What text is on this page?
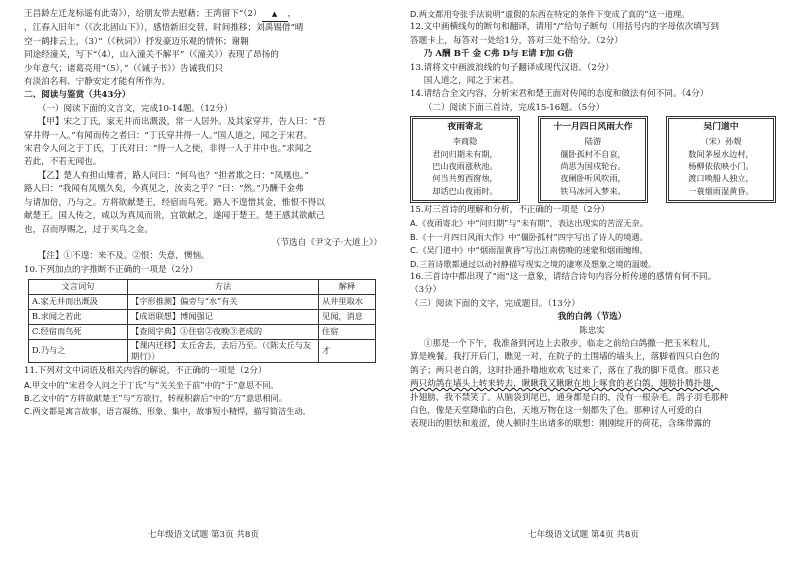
王昌龄左迁龙标遥有此寄》），给朋友带去慰藉；王湾留下“（2） ▲ ，

，江春入旧年”（《次北固山下》），感悟新旧交替、时间推移；刘禹锡借“晴

空一鹤排云上，（3）”（《秋词》）抒发豪迈乐观的情怀；谢翱

同途经潼关，写下“（4），山入潼关不解平”（《潼关》）表现了昂扬的

少年意气；诸葛亮用“（5），”（《诫子书》）告诫我们只

有淡泊名利、宁静安定才能有所作为。

二、阅读与鉴赏（共43分）

（一）阅读下面的文言文，完成10-14题。（12分）

【甲】宋之丁氏，家无井而出溉汲，常一人居外。及其家穿井，告人曰：“吾

穿井得一人。”有闻而传之者曰：“丁氏穿井得一人。”国人道之，闻之于宋君。

宋君令人问之于丁氏，丁氏对曰：“得一人之使，非得一人于井中也。”求闻之

若此，不若无闻也。

【乙】楚人有担山雉者，路人问曰：“何鸟也？”担者欺之曰：“凤凰也。”

路人曰：“我闻有凤凰久矣，今真见之，汝卖之乎？”曰：“然。”乃酬千金弗

与请加倍，乃与之。方将欲献楚王，经宿而鸟死。路人不遑惜其金，惟恨不得以

献楚王。国人传之，咸以为真凤而贵，宜欲献之，遂闻于楚王。楚王感其欲献己

也，召而厚赐之，过于买鸟之金。

（节选自《尹文子·大道上》）

【注】①不遑：来不及。②恨：失意，懊恼。

10.下列加点的字推断不正确的一项是（2分）

文言词句	方法	解释
A.家无井而出溉汲	【字形推测】偏旁与“水”有关	从井里取水
B.求闻之若此	【成语联想】博闻强记	见闻，消息
C.经宿而鸟死	【查阅字典】①住宿②夜晚③老成的	住宿
D.乃与之	【课内迁移】太丘舍去，去后乃至。（《陈太丘与友期行》）	才

11.下列对文中词语及相关内容的解说，不正确的一项是（2分）

A.甲文中的“宋君令人问之于丁氏”与“关关坐于前”中的“于”意思不同。

B.乙文中的“方将欲献楚王”与“方欲行，转视积薪后”中的“方”意思相同。

C.两文都是寓言故事，语言凝练、形象、集中，故事短小精悍，描写简洁生动。

D.两文都用夸张手法说明“虚假的东西在特定的条件下变成了真的”这一道理。

12.文中画横线句的断句和翻译，请用“/”给句子断句（用括号内的字母依次填写到

答题卡上，每答对一处给1分，答对三处不给分。（2分）

乃 A酬 B千 金 C弗 D与 E请 F加 G倍

13.请将文中画波浪线的句子翻译成现代汉语。（2分）

国人道之，闻之于宋君。

14.请结合全文内容，分析宋君和楚王面对传闻的态度和做法有何不同。（4分）

（二）阅读下面三首诗，完成15-16题。（5分）

夜雨寄北
李商隐
君问归期未有期，
巴山夜雨涨秋池。
何当共剪西窗烛，
却话巴山夜雨时。
十一月四日风雨大作
陆游
僵卧孤村不自哀，
尚思为国戍轮台。
夜阑卧听风吹雨，
铁马冰河入梦来。
吴门道中
（宋）孙觌
数间茅屋水边村，
杨柳依依映小门。
渡口唤船人独立，
一蓑烟雨湿黄昏。

15.对三首诗的理解和分析，不正确的一项是（2分）

A.《夜雨寄北》中“问归期”与“未有期”，表达出现实的苦涩无奈。

B.《十一月四日风雨大作》中“僵卧孤村”四字写出了诗人的境遇。

C.《吴门道中》中“烟雨湿黄昏”写出江南傍晚的迷蒙和烟雨缠绵。

D.三首诗歌都通过以动衬静描写现实之境的凄寒及想象之境的温暖。

16.三首诗中都出现了“雨”这一意象，请结合诗句内容分析传递的感情有何不同。

（3分）

（三）阅读下面的文字，完成题目。（13分）

我的白鸽（节选）

陈忠实

①那是一个下午，我准备到河边上去散步，临走之前给白鸽撒一把玉米粒儿，

算是晚餐。我打开后门，瞧见一对，在院子的土围墙的墙头上，落脚着四只白色的

鸽子；两只老白鸽，这时扑通扑噜地欢欢飞过来了，落在了我的脚下觅食。那只老

两只幼鸽在墙头上转来转去，瞅瞅我又瞅瞅在地上啄食的老白鸽，翅膀扑腾扑翅，

扑翅膀，我不禁笑了。从脑袋到尾巴，通身都是白的，没有一根杂毛。鸽子羽毛那种

白色，像是天堂降临的白色，天地万物在这一刻都失了色。那种讨人可爱的白

表现出的胆怯和羞涩，使人顿时生出诸多的联想：刚刚绽开的荷花，含珠带露的

七年级语文试题 第3页 共8页	七年级语文试题 第4页 共8页
